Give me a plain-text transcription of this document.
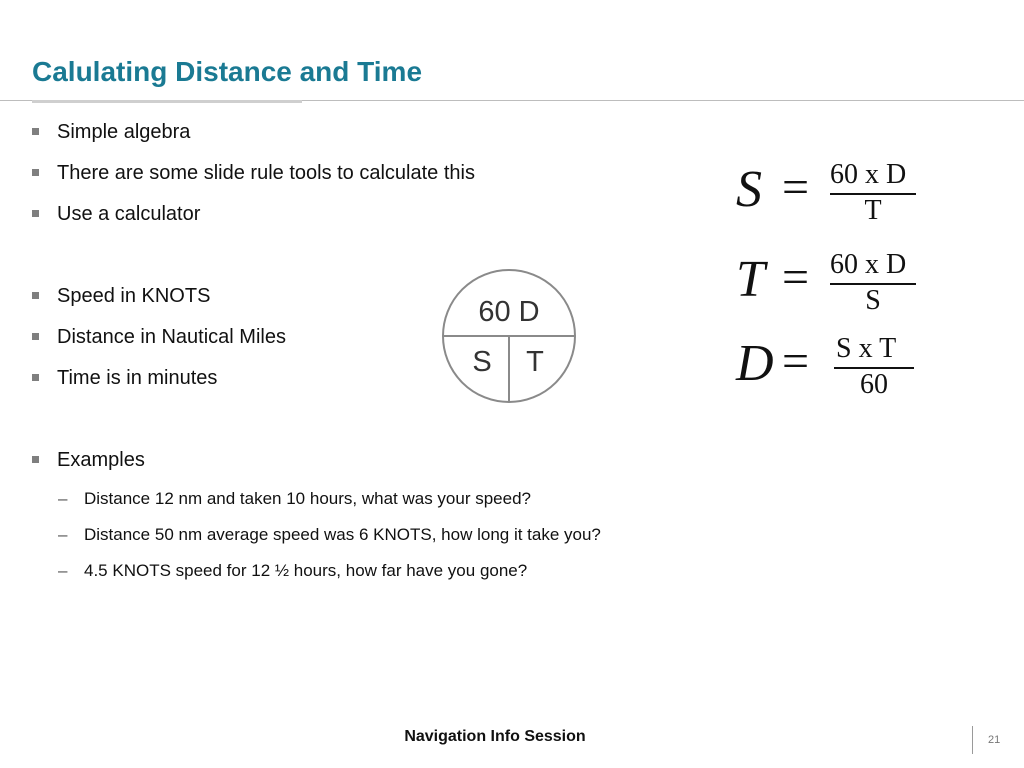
Calulating Distance and Time
Simple algebra
There are some slide rule tools to calculate this
Use a calculator
Speed in KNOTS
Distance in Nautical Miles
Time is in minutes
Examples
– Distance 12 nm and taken 10 hours, what was your speed?
– Distance 50 nm average speed was 6 KNOTS, how long it take you?
– 4.5 KNOTS speed for 12 ½ hours, how far have you gone?
60 D
S T
S = 60 x D
T
T = 60 x D
S
D = S x T
60
Navigation Info Session	21
